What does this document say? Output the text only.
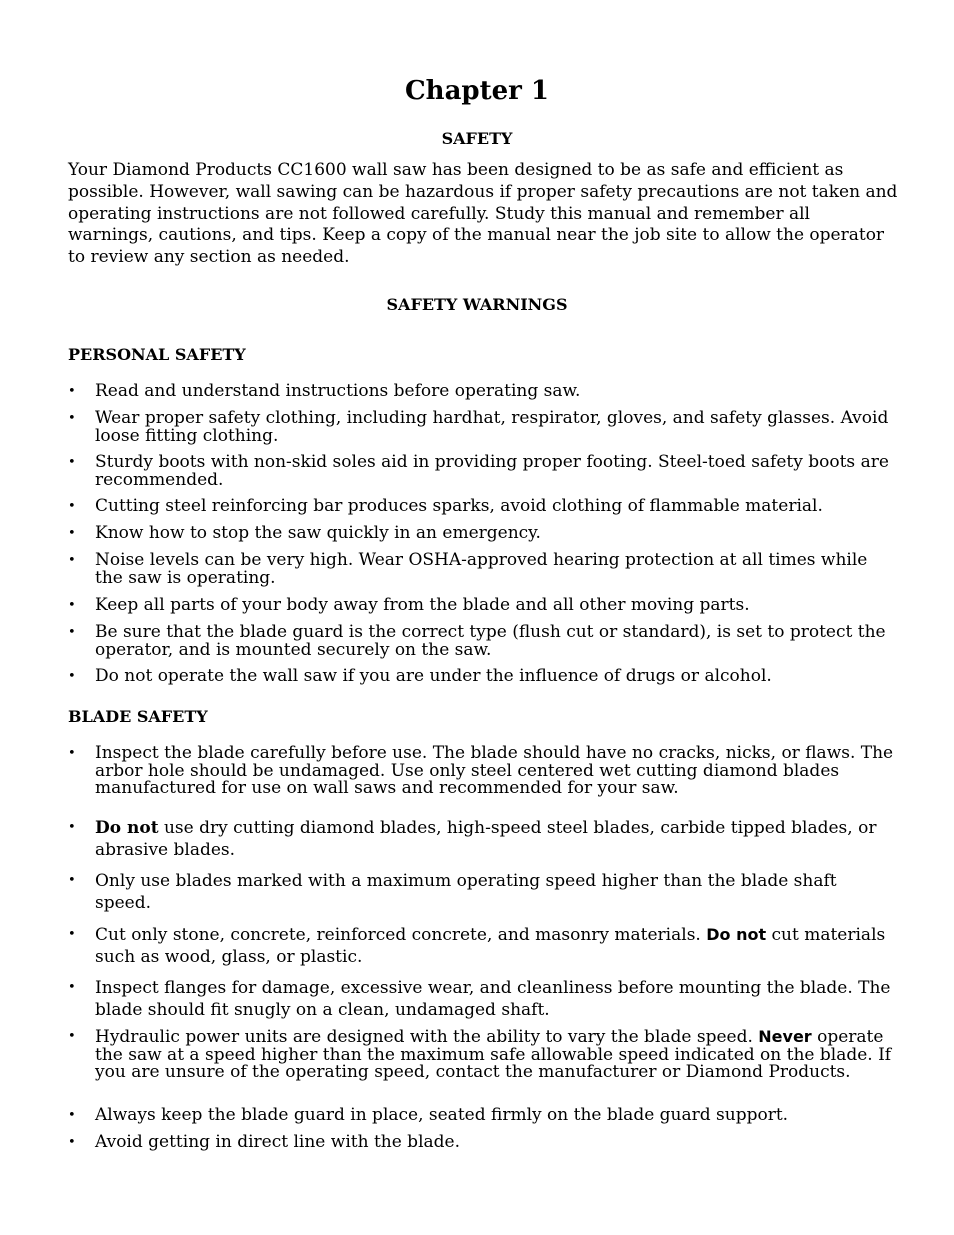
Chapter 1
SAFETY
Your Diamond Products CC1600 wall saw has been designed to be as safe and efficient as possible. However, wall sawing can be hazardous if proper safety precautions are not taken and operating instructions are not followed carefully. Study this manual and remember all warnings, cautions, and tips. Keep a copy of the manual near the job site to allow the operator to review any section as needed.
SAFETY WARNINGS
PERSONAL SAFETY
• Read and understand instructions before operating saw.
• Wear proper safety clothing, including hardhat, respirator, gloves, and safety glasses. Avoid loose fitting clothing.
• Sturdy boots with non-skid soles aid in providing proper footing. Steel-toed safety boots are recommended.
• Cutting steel reinforcing bar produces sparks, avoid clothing of flammable material.
• Know how to stop the saw quickly in an emergency.
• Noise levels can be very high. Wear OSHA-approved hearing protection at all times while the saw is operating.
• Keep all parts of your body away from the blade and all other moving parts.
• Be sure that the blade guard is the correct type (flush cut or standard), is set to protect the operator, and is mounted securely on the saw.
• Do not operate the wall saw if you are under the influence of drugs or alcohol.
BLADE SAFETY
• Inspect the blade carefully before use. The blade should have no cracks, nicks, or flaws. The arbor hole should be undamaged. Use only steel centered wet cutting diamond blades manufactured for use on wall saws and recommended for your saw.
• Do not use dry cutting diamond blades, high-speed steel blades, carbide tipped blades, or abrasive blades.
• Only use blades marked with a maximum operating speed higher than the blade shaft speed.
• Cut only stone, concrete, reinforced concrete, and masonry materials. Do not cut materials such as wood, glass, or plastic.
• Inspect flanges for damage, excessive wear, and cleanliness before mounting the blade. The blade should fit snugly on a clean, undamaged shaft.
• Hydraulic power units are designed with the ability to vary the blade speed. Never operate the saw at a speed higher than the maximum safe allowable speed indicated on the blade. If you are unsure of the operating speed, contact the manufacturer or Diamond Products.
• Always keep the blade guard in place, seated firmly on the blade guard support.
• Avoid getting in direct line with the blade.
